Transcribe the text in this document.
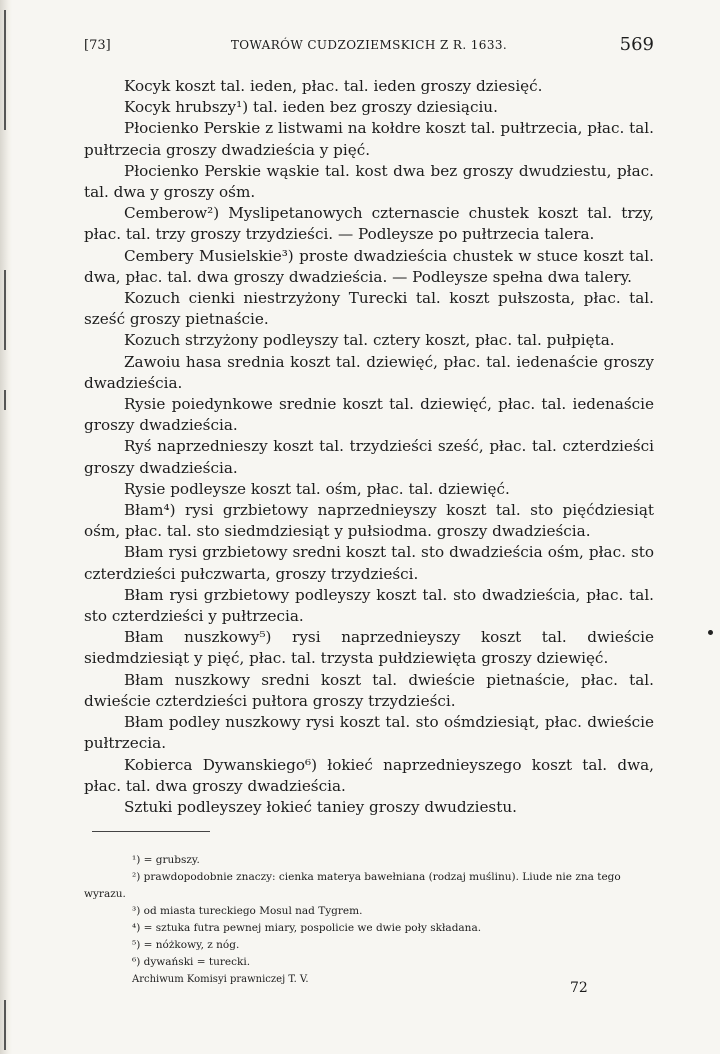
[73]	TOWARÓW CUDZOZIEMSKICH Z R. 1633.	569

Kocyk koszt tal. ieden, płac. tal. ieden groszy dziesięć.

Kocyk hrubszy¹) tal. ieden bez groszy dziesiąciu.

Płocienko Perskie z listwami na kołdre koszt tal. pułtrzecia, płac. tal. pułtrzecia groszy dwadzieścia y pięć.

Płocienko Perskie wąskie tal. kost dwa bez groszy dwudziestu, płac. tal. dwa y groszy ośm.

Cemberow²) Myslipetanowych czternascie chustek koszt tal. trzy, płac. tal. trzy groszy trzydzieści. — Podleysze po pułtrzecia talera.

Cembery Musielskie³) proste dwadzieścia chustek w stuce koszt tal. dwa, płac. tal. dwa groszy dwadzieścia. — Podleysze spełna dwa talery.

Kozuch cienki niestrzyżony Turecki tal. koszt pułszosta, płac. tal. sześć groszy pietnaście.

Kozuch strzyżony podleyszy tal. cztery koszt, płac. tal. pułpięta.

Zawoiu hasa srednia koszt tal. dziewięć, płac. tal. iedenaście groszy dwadzieścia.

Rysie poiedynkowe srednie koszt tal. dziewięć, płac. tal. iedenaście groszy dwadzieścia.

Ryś naprzednieszy koszt tal. trzydzieści sześć, płac. tal. czterdzieści groszy dwadzieścia.

Rysie podleysze koszt tal. ośm, płac. tal. dziewięć.

Błam⁴) rysi grzbietowy naprzednieyszy koszt tal. sto pięćdziesiąt ośm, płac. tal. sto siedmdziesiąt y pułsiodma. groszy dwadzieścia.

Błam rysi grzbietowy sredni koszt tal. sto dwadzieścia ośm, płac. sto czterdzieści pułczwarta, groszy trzydzieści.

Błam rysi grzbietowy podleyszy koszt tal. sto dwadzieścia, płac. tal. sto czterdzieści y pułtrzecia.

Błam nuszkowy⁵) rysi naprzednieyszy koszt tal. dwieście siedmdziesiąt y pięć, płac. tal. trzysta pułdziewięta groszy dziewięć.

Błam nuszkowy sredni koszt tal. dwieście pietnaście, płac. tal. dwieście czterdzieści pułtora groszy trzydzieści.

Błam podley nuszkowy rysi koszt tal. sto ośmdziesiąt, płac. dwieście pułtrzecia.

Kobierca Dywanskiego⁶) łokieć naprzednieyszego koszt tal. dwa, płac. tal. dwa groszy dwadzieścia.

Sztuki podleyszey łokieć taniey groszy dwudziestu.

¹) = grubszy.

²) prawdopodobnie znaczy: cienka materya bawełniana (rodzaj muślinu). Liude nie zna tego wyrazu.

³) od miasta tureckiego Mosul nad Tygrem.

⁴) = sztuka futra pewnej miary, pospolicie we dwie poły składana.

⁵) = nóżkowy, z nóg.

⁶) dywański = turecki.

Archiwum Komisyi prawniczej T. V.

72
